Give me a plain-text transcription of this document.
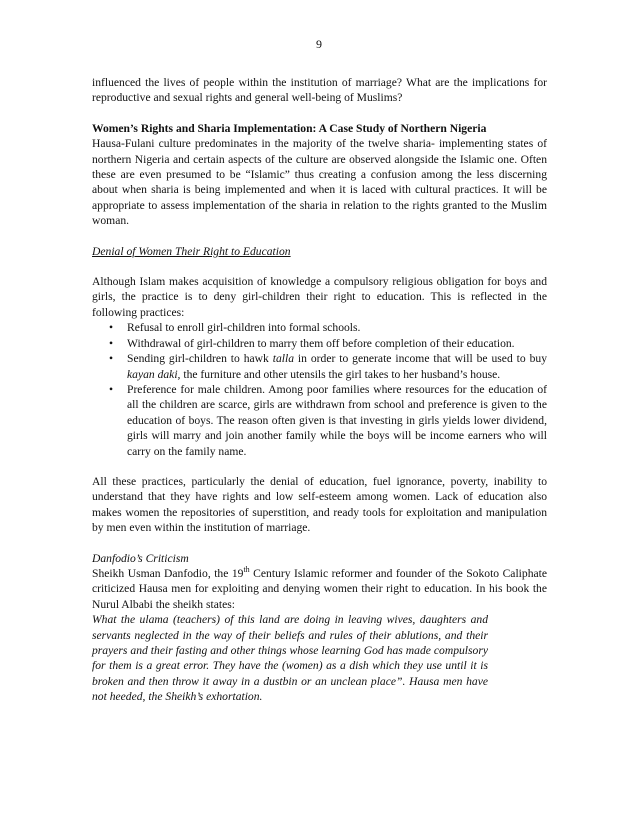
9

influenced the lives of people within the institution of marriage? What are the implications for reproductive and sexual rights and general well-being of Muslims?

Women’s Rights and Sharia Implementation: A Case Study of Northern Nigeria

Hausa-Fulani culture predominates in the majority of the twelve sharia- implementing states of northern Nigeria and certain aspects of the culture are observed alongside the Islamic one. Often these are even presumed to be “Islamic” thus creating a confusion among the less discerning about when sharia is being implemented and when it is laced with cultural practices. It will be appropriate to assess implementation of the sharia in relation to the rights granted to the Muslim woman.

Denial of Women Their Right to Education

Although Islam makes acquisition of knowledge a compulsory religious obligation for boys and girls, the practice is to deny girl-children their right to education. This is reflected in the following practices:

• Refusal to enroll girl-children into formal schools.
• Withdrawal of girl-children to marry them off before completion of their education.
• Sending girl-children to hawk talla in order to generate income that will be used to buy kayan daki, the furniture and other utensils the girl takes to her husband’s house.
• Preference for male children. Among poor families where resources for the education of all the children are scarce, girls are withdrawn from school and preference is given to the education of boys. The reason often given is that investing in girls yields lower dividend, girls will marry and join another family while the boys will be income earners who will carry on the family name.

All these practices, particularly the denial of education, fuel ignorance, poverty, inability to understand that they have rights and low self-esteem among women. Lack of education also makes women the repositories of superstition, and ready tools for exploitation and manipulation by men even within the institution of marriage.

Danfodio’s Criticism

Sheikh Usman Danfodio, the 19th Century Islamic reformer and founder of the Sokoto Caliphate criticized Hausa men for exploiting and denying women their right to education. In his book the Nurul Albabi the sheikh states:

What the ulama (teachers) of this land are doing in leaving wives, daughters and servants neglected in the way of their beliefs and rules of their ablutions, and their prayers and their fasting and other things whose learning God has made compulsory for them is a great error. They have the (women) as a dish which they use until it is broken and then throw it away in a dustbin or an unclean place”. Hausa men have not heeded, the Sheikh’s exhortation.
